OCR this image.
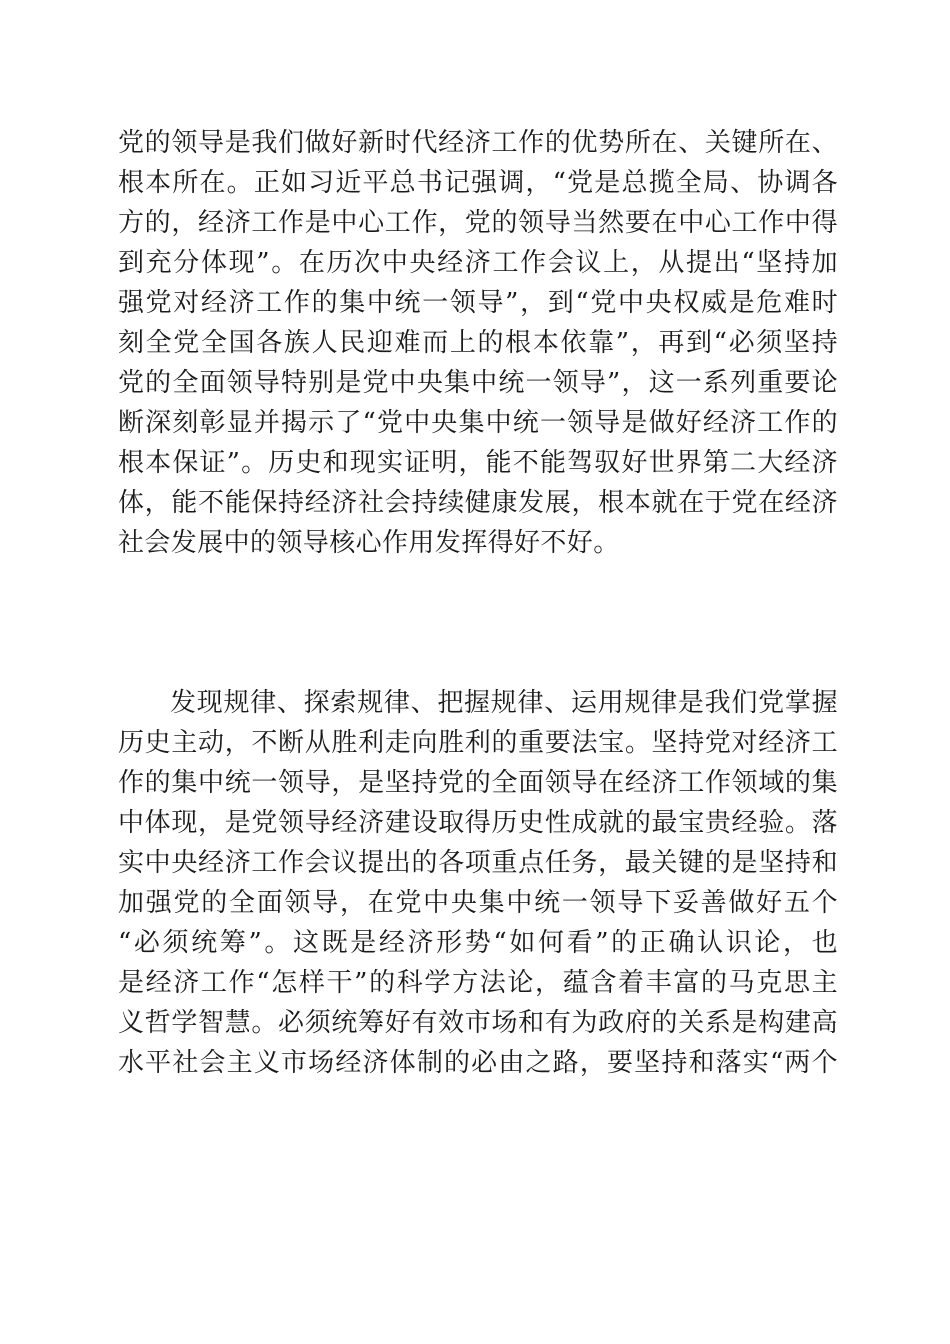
党的领导是我们做好新时代经济工作的优势所在、关键所在、
根本所在。正如习近平总书记强调，“党是总揽全局、协调各
方的，经济工作是中心工作，党的领导当然要在中心工作中得
到充分体现”。在历次中央经济工作会议上，从提出“坚持加
强党对经济工作的集中统一领导”，到“党中央权威是危难时
刻全党全国各族人民迎难而上的根本依靠”，再到“必须坚持
党的全面领导特别是党中央集中统一领导”，这一系列重要论
断深刻彰显并揭示了“党中央集中统一领导是做好经济工作的
根本保证”。历史和现实证明，能不能驾驭好世界第二大经济
体，能不能保持经济社会持续健康发展，根本就在于党在经济
社会发展中的领导核心作用发挥得好不好。

发现规律、探索规律、把握规律、运用规律是我们党掌握
历史主动，不断从胜利走向胜利的重要法宝。坚持党对经济工
作的集中统一领导，是坚持党的全面领导在经济工作领域的集
中体现，是党领导经济建设取得历史性成就的最宝贵经验。落
实中央经济工作会议提出的各项重点任务，最关键的是坚持和
加强党的全面领导，在党中央集中统一领导下妥善做好五个
“必须统筹”。这既是经济形势“如何看”的正确认识论，也
是经济工作“怎样干”的科学方法论，蕴含着丰富的马克思主
义哲学智慧。必须统筹好有效市场和有为政府的关系是构建高
水平社会主义市场经济体制的必由之路，要坚持和落实“两个
